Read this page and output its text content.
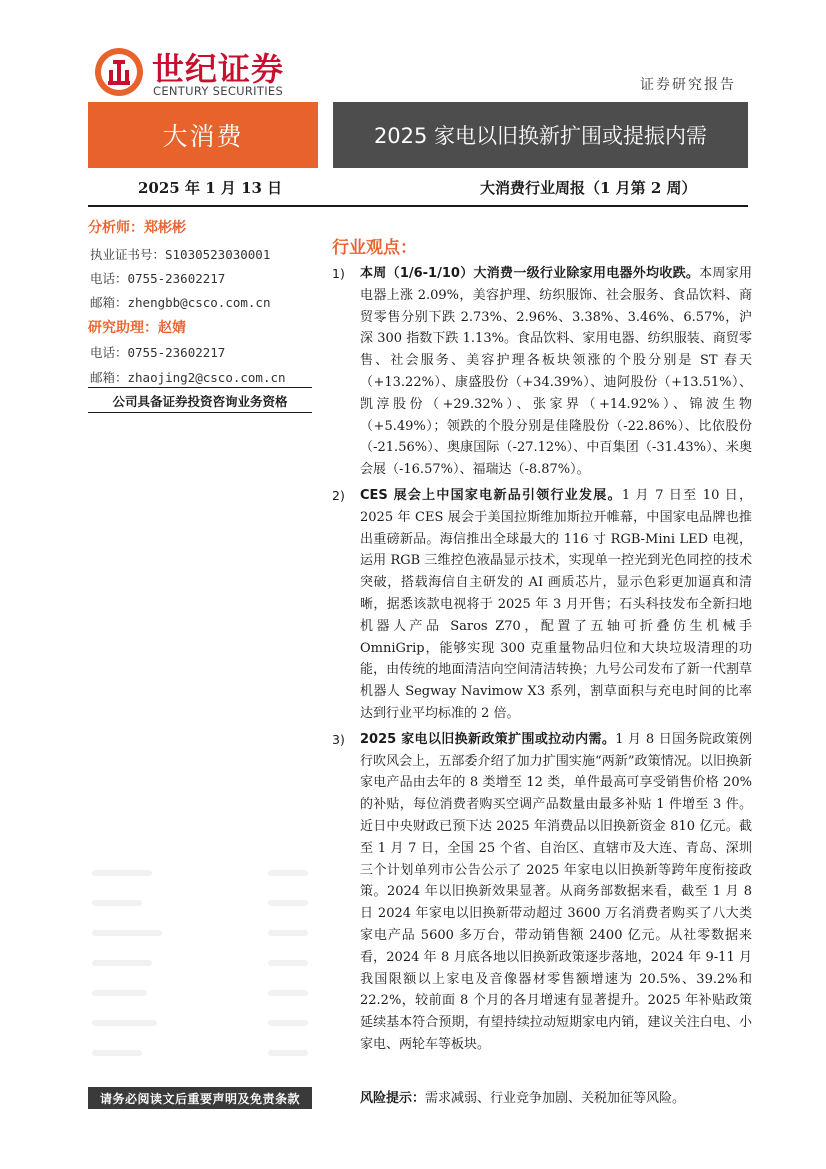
世纪证券
CENTURY SECURITIES	证券研究报告
大消费	2025 家电以旧换新扩围或提振内需
2025 年 1 月 13 日	大消费行业周报（1 月第 2 周）
分析师：郑彬彬
执业证书号：S1030523030001
电话：0755-23602217
邮箱：zhengbb@csco.com.cn
研究助理：赵婧
电话：0755-23602217
邮箱：zhaojing2@csco.com.cn
公司具备证券投资咨询业务资格
请务必阅读文后重要声明及免责条款
行业观点：
1) 本周（1/6-1/10）大消费一级行业除家用电器外均收跌。本周家用电器上涨 2.09%，美容护理、纺织服饰、社会服务、食品饮料、商贸零售分别下跌 2.73%、2.96%、3.38%、3.46%、6.57%，沪深 300 指数下跌 1.13%。食品饮料、家用电器、纺织服装、商贸零售、社会服务、美容护理各板块领涨的个股分别是 ST 春天（+13.22%）、康盛股份（+34.39%）、迪阿股份（+13.51%）、凯淳股份（+29.32%）、张家界（+14.92%）、锦波生物（+5.49%）；领跌的个股分别是佳隆股份（-22.86%）、比依股份（-21.56%）、奥康国际（-27.12%）、中百集团（-31.43%）、米奥会展（-16.57%）、福瑞达（-8.87%）。
2) CES 展会上中国家电新品引领行业发展。1 月 7 日至 10 日，2025 年 CES 展会于美国拉斯维加斯拉开帷幕，中国家电品牌也推出重磅新品。海信推出全球最大的 116 寸 RGB-Mini LED 电视，运用 RGB 三维控色液晶显示技术，实现单一控光到光色同控的技术突破，搭载海信自主研发的 AI 画质芯片，显示色彩更加逼真和清晰，据悉该款电视将于 2025 年 3 月开售；石头科技发布全新扫地机器人产品 Saros Z70，配置了五轴可折叠仿生机械手 OmniGrip，能够实现 300 克重量物品归位和大块垃圾清理的功能，由传统的地面清洁向空间清洁转换；九号公司发布了新一代割草机器人 Segway Navimow X3 系列，割草面积与充电时间的比率达到行业平均标准的 2 倍。
3) 2025 家电以旧换新政策扩围或拉动内需。1 月 8 日国务院政策例行吹风会上，五部委介绍了加力扩围实施“两新”政策情况。以旧换新家电产品由去年的 8 类增至 12 类，单件最高可享受销售价格 20%的补贴，每位消费者购买空调产品数量由最多补贴 1 件增至 3 件。近日中央财政已预下达 2025 年消费品以旧换新资金 810 亿元。截至 1 月 7 日，全国 25 个省、自治区、直辖市及大连、青岛、深圳三个计划单列市公告公示了 2025 年家电以旧换新等跨年度衔接政策。2024 年以旧换新效果显著。从商务部数据来看，截至 1 月 8 日 2024 年家电以旧换新带动超过 3600 万名消费者购买了八大类家电产品 5600 多万台，带动销售额 2400 亿元。从社零数据来看，2024 年 8 月底各地以旧换新政策逐步落地，2024 年 9-11 月我国限额以上家电及音像器材零售额增速为 20.5%、39.2%和 22.2%，较前面 8 个月的各月增速有显著提升。2025 年补贴政策延续基本符合预期，有望持续拉动短期家电内销，建议关注白电、小家电、两轮车等板块。
风险提示：需求减弱、行业竞争加剧、关税加征等风险。
